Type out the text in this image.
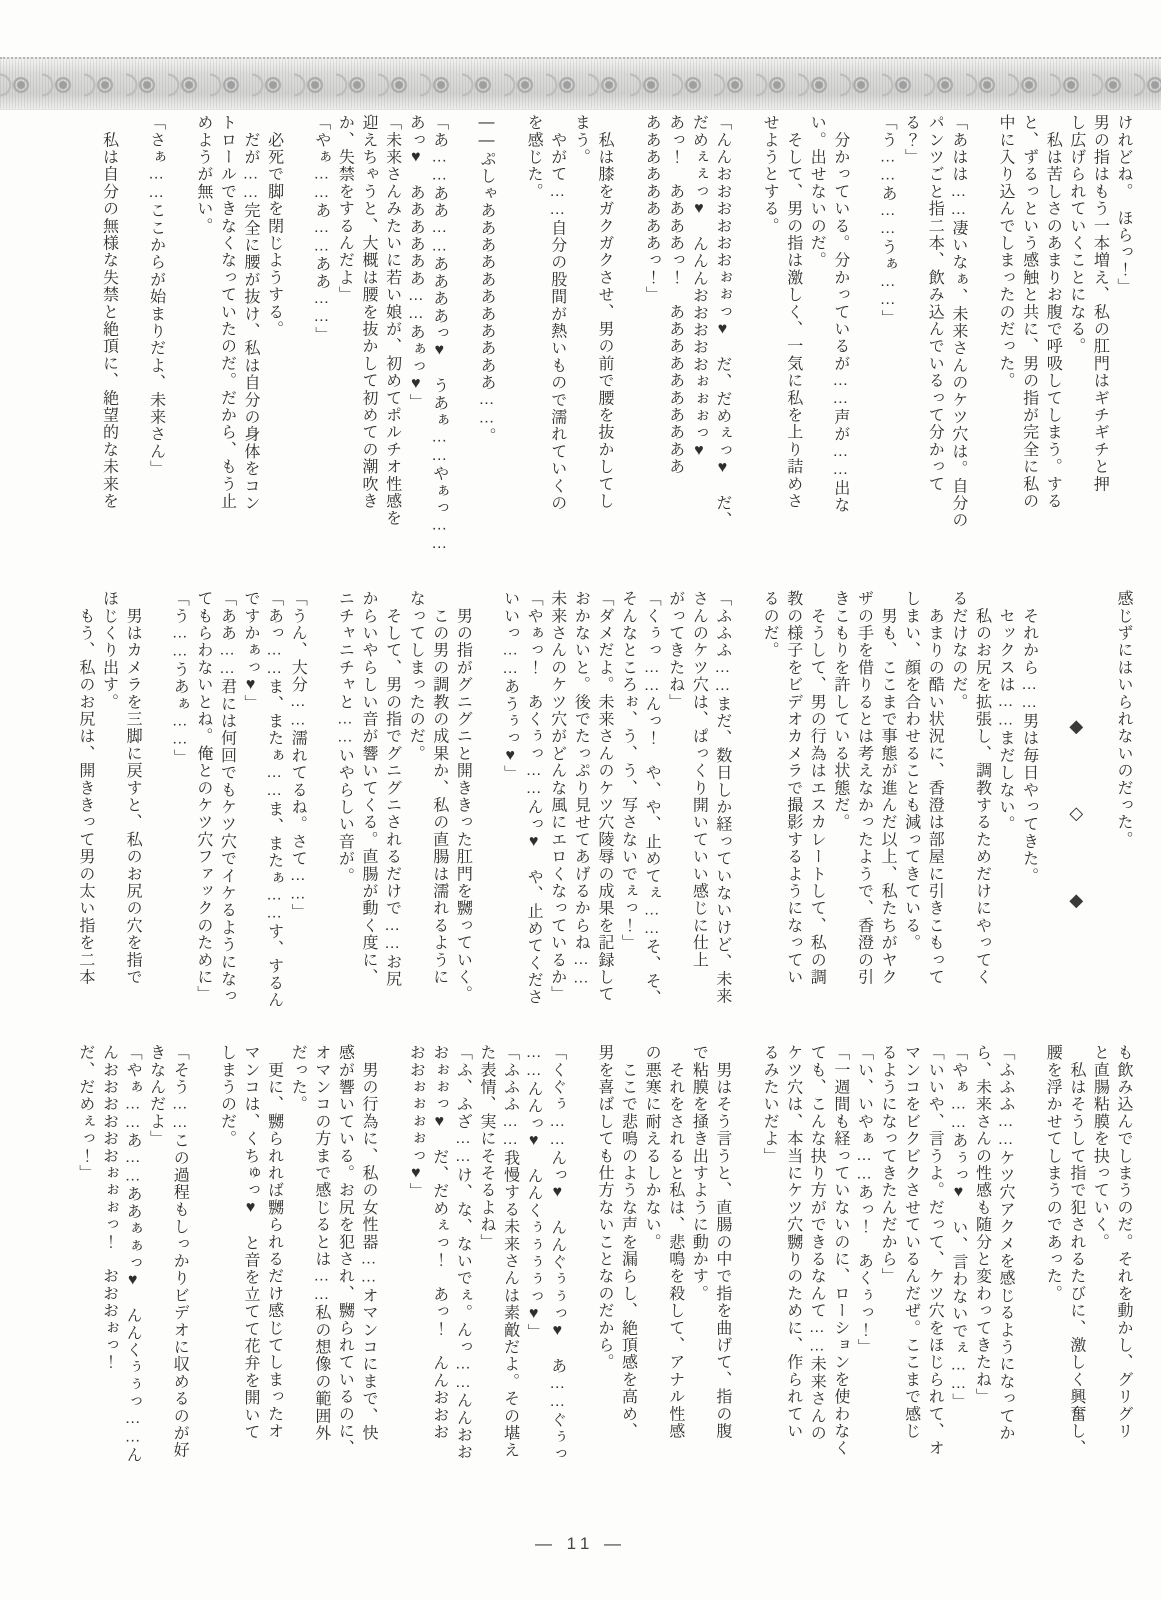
けれどね。　ほらっ！」

男の指はもう一本増え、私の肛門はギチギチと押

し広げられていくことになる。

　私は苦しさのあまりお腹で呼吸してしまう。する

と、ずるっという感触と共に、男の指が完全に私の

中に入り込んでしまったのだった。

「あはは……凄いなぁ、未来さんのケツ穴は。自分の

パンツごと指二本、飲み込んでいるって分かって

る？」

「う……あ……うぁ……」

　分かっている。分かっているが……声が……出な

い。出せないのだ。

　そして、男の指は激しく、一気に私を上り詰めさ

せようとする。

「んんおおおおおおぉぉっ♥　だ、だめぇっ♥　だ、

だめぇぇっ♥　んんんおおおおおぉぉぉっ♥

あっ！　ああああっ！　ああああああああああ

ああああああああっ！」

　私は膝をガクガクさせ、男の前で腰を抜かしてし

まう。

　やがて……自分の股間が熱いもので濡れていくの

を感じた。

――ぷしゃあああああああああああ……。

「あ……ああ……ああああっ♥　うあぁ……やぁっ……

あっ♥　ああああああ……あぁっ♥」

「未来さんみたいに若い娘が、初めてポルチオ性感を

迎えちゃうと、大概は腰を抜かして初めての潮吹き

か、失禁をするんだよ」

「やぁ……あ……ああ……」

　必死で脚を閉じようする。

　だが……完全に腰が抜け、私は自分の身体をコン

トロールできなくなっていたのだ。だから、もう止

めようが無い。

「さぁ……ここからが始まりだよ、未来さん」

　私は自分の無様な失禁と絶頂に、絶望的な未来を

感じずにはいられないのだった。

◆　◇　◆

　それから……男は毎日やってきた。

　セックスは……まだしない。

　私のお尻を拡張し、調教するためだけにやってく

るだけなのだ。

　あまりの酷い状況に、香澄は部屋に引きこもって

しまい、顔を合わせることも減ってきている。

　男も、ここまで事態が進んだ以上、私たちがヤク

ザの手を借りるとは考えなかったようで、香澄の引

きこもりを許している状態だ。

　そうして、男の行為はエスカレートして、私の調

教の様子をビデオカメラで撮影するようになってい

るのだ。

「ふふふ……まだ、数日しか経っていないけど、未来

さんのケツ穴は、ぱっくり開いていい感じに仕上

がってきたね」

「くぅっ……んっ！　や、や、止めてぇ……そ、そ、

そんなところぉ、う、う、写さないでぇっ！」

「ダメだよ。未来さんのケツ穴陵辱の成果を記録して

おかないと。後でたっぷり見せてあげるからね……

未来さんのケツ穴がどんな風にエロくなっているか」

「やぁっ！　あくぅっ……んっ♥　や、止めてくださ

いいっ……あうぅっ♥」

　男の指がグニグニと開ききった肛門を嬲っていく。

　この男の調教の成果か、私の直腸は濡れるように

なってしまったのだ。

　そして、男の指でグニグニされるだけで……お尻

からいやらしい音が響いてくる。直腸が動く度に、

ニチャニチャと……いやらしい音が。

「うん、大分……濡れてるね。さて……」

「あっ……ま、またぁ……ま、またぁ……す、するん

ですかぁっ♥」

「ああ……君には何回でもケツ穴でイケるようになっ

てもらわないとね。俺とのケツ穴ファックのために」

「う……うあぁ……」

　男はカメラを三脚に戻すと、私のお尻の穴を指で

ほじくり出す。

　もう、私のお尻は、開ききって男の太い指を二本

も飲み込んでしまうのだ。それを動かし、グリグリ

と直腸粘膜を抉っていく。

　私はそうして指で犯されるたびに、激しく興奮し、

腰を浮かせてしまうのであった。

「ふふふ……ケツ穴アクメを感じるようになってか

ら、未来さんの性感も随分と変わってきたね」

「やぁ……あぅっ♥　い、言わないでぇ……」

「いいや、言うよ。だって、ケツ穴をほじられて、オ

マンコをビクビクさせているんだぜ。ここまで感じ

るようになってきたんだから」

「い、いやぁ……あっ！　あくぅっ！」

「一週間も経っていないのに、ローションを使わなく

ても、こんな抉り方ができるなんて……未来さんの

ケツ穴は、本当にケツ穴嬲りのために、作られてい

るみたいだよ」

　男はそう言うと、直腸の中で指を曲げて、指の腹

で粘膜を掻き出すように動かす。

　それをされると私は、悲鳴を殺して、アナル性感

の悪寒に耐えるしかない。

　ここで悲鳴のような声を漏らし、絶頂感を高め、

男を喜ばしても仕方ないことなのだから。

「くぐぅ……んっ♥　んんぐぅぅっ♥　あ……ぐぅっ

……んんっ♥　んんくぅぅぅぅっ♥」

「ふふふ……我慢する未来さんは素敵だよ。その堪え

た表情、実にそそるよね」

「ふ、ふざ……け、な、ないでぇ。んっ……んんおお

おぉぉっ♥　だ、だめぇっ！　あっ！　んんおおお

おおぉぉぉぉっ♥」

　男の行為に、私の女性器……オマンコにまで、快

感が響いている。お尻を犯され、嬲られているのに、

オマンコの方まで感じるとは……私の想像の範囲外

だった。

　更に、嬲られれば嬲られるだけ感じてしまったオ

マンコは、くちゅっ♥　と音を立てて花弁を開いて

しまうのだ。

「そう……この過程もしっかりビデオに収めるのが好

きなんだよ」

「やぁ……あ……ああぁぁっ♥　んんくぅぅっ……ん

んおおおおおおぉぉぉっ！　おおおぉっ！

だ、だめぇっ！」

― 11 ―
